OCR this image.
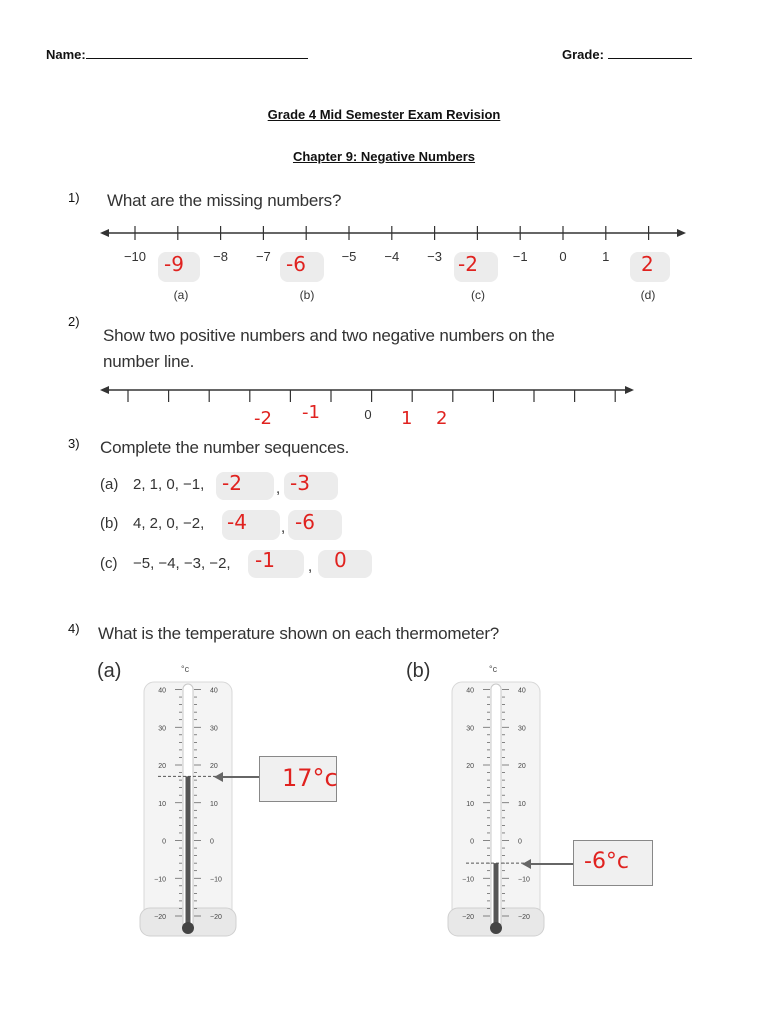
Name:	Grade:
Grade 4 Mid Semester Exam Revision
Chapter 9: Negative Numbers
1) What are the missing numbers?
−10	−8	−7	−5	−4	−3	−1	0	1
-9	-6	-2	2
(a)	(b)	(c)	(d)
2)
Show two positive numbers and two negative numbers on the
number line.
0
-2 -1	1 2
3) Complete the number sequences.
(a) 2, 1, 0, −1, -2 , -3
(b) 4, 2, 0, −2, -4 , -6
(c) −5, −4, −3, −2, -1 , 0
4) What is the temperature shown on each thermometer?
(a)	(b)
40	40
30	30
20	20
10	10
0	0
−10	−10
−20	−20
°c
17°c
40	40
30	30
20	20
10	10
0	0
−10	−10
−20	−20
°c
-6°c
